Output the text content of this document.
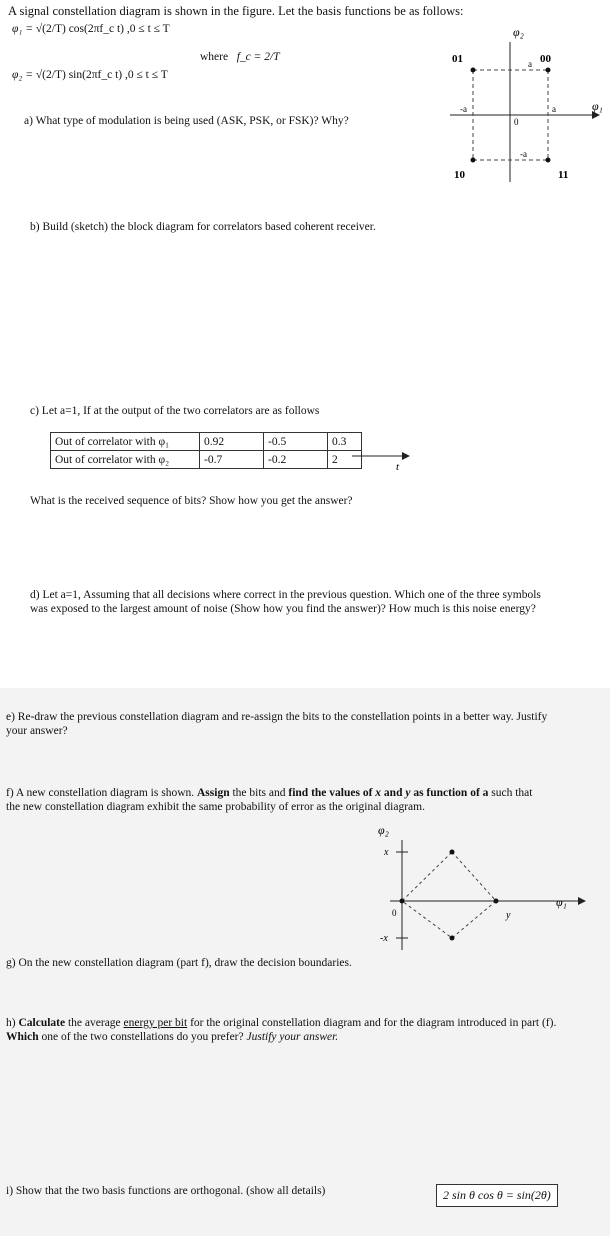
A signal constellation diagram is shown in the figure. Let the basis functions be as follows:
φ₁ = √(2/T) cos(2πf_c t) ,0 ≤ t ≤ T
where f_c = 2/T
φ₂ = √(2/T) sin(2πf_c t) ,0 ≤ t ≤ T
φ₂
φ₁
01	00
10	11
a
a
-a
-a
0
a) What type of modulation is being used (ASK, PSK, or FSK)? Why?
b) Build (sketch) the block diagram for correlators based coherent receiver.
c) Let a=1, If at the output of the two correlators are as follows
Out of correlator with φ₁	0.92	-0.5	0.3
Out of correlator with φ₂	-0.7	-0.2	2
t
What is the received sequence of bits? Show how you get the answer?
d) Let a=1, Assuming that all decisions where correct in the previous question. Which one of the three symbols was exposed to the largest amount of noise (Show how you find the answer)? How much is this noise energy?
e) Re-draw the previous constellation diagram and re-assign the bits to the constellation points in a better way. Justify your answer?
f) A new constellation diagram is shown. Assign the bits and find the values of x and y as function of a such that the new constellation diagram exhibit the same probability of error as the original diagram.
φ₂
φ₁
x
-x
0	y
g) On the new constellation diagram (part f), draw the decision boundaries.
h) Calculate the average energy per bit for the original constellation diagram and for the diagram introduced in part (f). Which one of the two constellations do you prefer? Justify your answer.
i) Show that the two basis functions are orthogonal. (show all details)	2 sin θ cos θ = sin(2θ)
